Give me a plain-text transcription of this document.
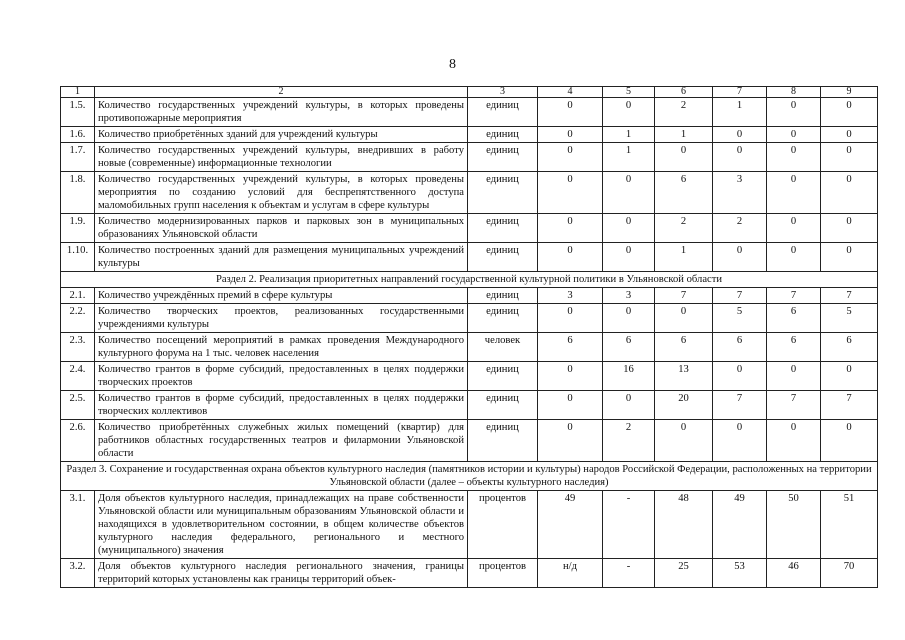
8
1	2	3	4	5	6	7	8	9
1.5.	Количество государственных учреждений культуры, в которых проведены противопожарные мероприятия	единиц	0	0	2	1	0	0
1.6.	Количество приобретённых зданий для учреждений культуры	единиц	0	1	1	0	0	0
1.7.	Количество государственных учреждений культуры, внедривших в работу новые (современные) информационные технологии	единиц	0	1	0	0	0	0
1.8.	Количество государственных учреждений культуры, в которых проведены мероприятия по созданию условий для беспрепятственного доступа маломобильных групп населения к объектам и услугам в сфере культуры	единиц	0	0	6	3	0	0
1.9.	Количество модернизированных парков и парковых зон в муниципальных образованиях Ульяновской области	единиц	0	0	2	2	0	0
1.10.	Количество построенных зданий для размещения муниципальных учреждений культуры	единиц	0	0	1	0	0	0
Раздел 2. Реализация приоритетных направлений государственной культурной политики в Ульяновской области								
2.1.	Количество учреждённых премий в сфере культуры	единиц	3	3	7	7	7	7
2.2.	Количество творческих проектов, реализованных государственными учреждениями культуры	единиц	0	0	0	5	6	5
2.3.	Количество посещений мероприятий в рамках проведения Международного культурного форума на 1 тыс. человек населения	человек	6	6	6	6	6	6
2.4.	Количество грантов в форме субсидий, предоставленных в целях поддержки творческих проектов	единиц	0	16	13	0	0	0
2.5.	Количество грантов в форме субсидий, предоставленных в целях поддержки творческих коллективов	единиц	0	0	20	7	7	7
2.6.	Количество приобретённых служебных жилых помещений (квартир) для работников областных государственных театров и филармонии Ульяновской области	единиц	0	2	0	0	0	0
Раздел 3. Сохранение и государственная охрана объектов культурного наследия (памятников истории и культуры) народов Российской Федерации, расположенных на территории Ульяновской области (далее – объекты культурного наследия)								
3.1.	Доля объектов культурного наследия, принадлежащих на праве собственности Ульяновской области или муниципальным образованиям Ульяновской области и находящихся в удовлетворительном состоянии, в общем количестве объектов культурного наследия федерального, регионального и местного (муниципального) значения	процентов	49	-	48	49	50	51
3.2.	Доля объектов культурного наследия регионального значения, границы территорий которых установлены как границы территорий объек-	процентов	н/д	-	25	53	46	70
